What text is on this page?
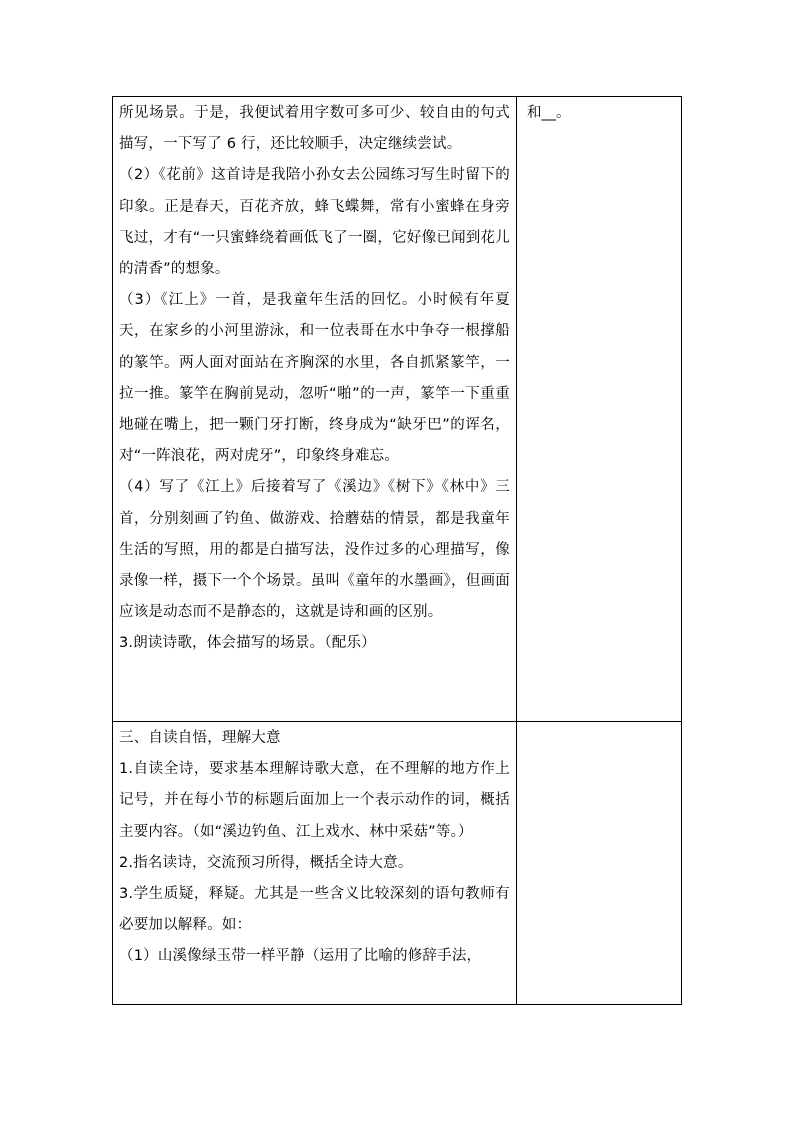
所见场景。于是，我便试着用字数可多可少、较自由的句式描写，一下写了 6 行，还比较顺手，决定继续尝试。

（2）《花前》这首诗是我陪小孙女去公园练习写生时留下的印象。正是春天，百花齐放，蜂飞蝶舞，常有小蜜蜂在身旁飞过，才有“一只蜜蜂绕着画低飞了一圈，它好像已闻到花儿的清香”的想象。

（3）《江上》一首，是我童年生活的回忆。小时候有年夏天，在家乡的小河里游泳，和一位表哥在水中争夺一根撑船的篆竿。两人面对面站在齐胸深的水里，各自抓紧篆竿，一拉一推。篆竿在胸前晃动，忽听“啪”的一声，篆竿一下重重地碰在嘴上，把一颗门牙打断，终身成为“缺牙巴”的诨名，对“一阵浪花，两对虎牙”，印象终身难忘。

（4）写了《江上》后接着写了《溪边》《树下》《林中》三首，分别刻画了钓鱼、做游戏、拾蘑菇的情景，都是我童年生活的写照，用的都是白描写法，没作过多的心理描写，像录像一样，摄下一个个场景。虽叫《童年的水墨画》，但画面应该是动态而不是静态的，这就是诗和画的区别。

3.朗读诗歌，体会描写的场景。（配乐）	和__。

三、自读自悟，理解大意

1.自读全诗，要求基本理解诗歌大意，在不理解的地方作上记号，并在每小节的标题后面加上一个表示动作的词，概括主要内容。（如“溪边钓鱼、江上戏水、林中采菇”等。）

2.指名读诗，交流预习所得，概括全诗大意。

3.学生质疑，释疑。尤其是一些含义比较深刻的语句教师有必要加以解释。如：

（1）山溪像绿玉带一样平静（运用了比喻的修辞手法，	
